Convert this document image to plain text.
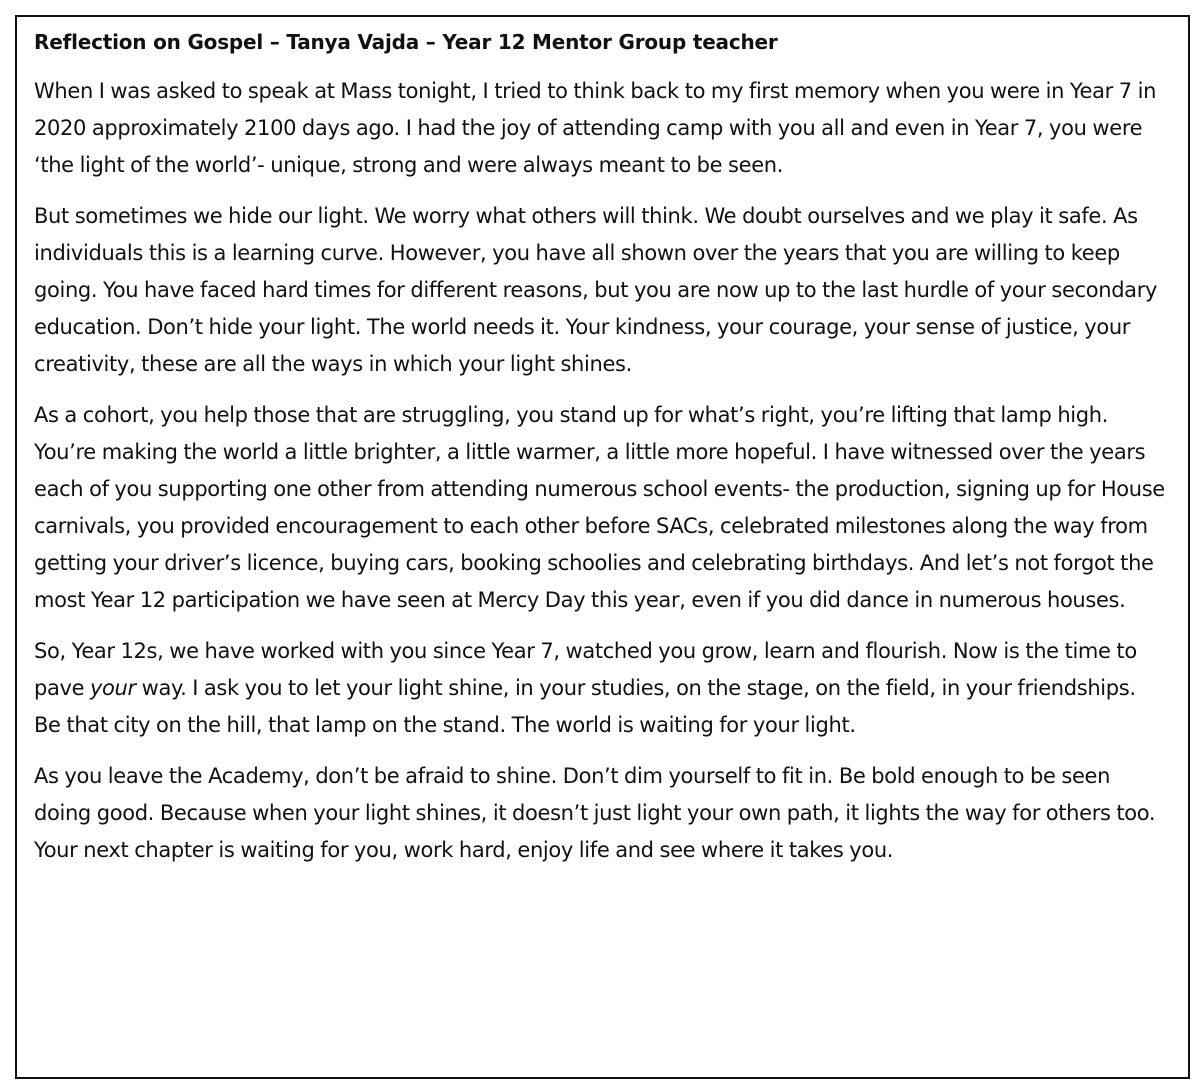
Reflection on Gospel – Tanya Vajda – Year 12 Mentor Group teacher

When I was asked to speak at Mass tonight, I tried to think back to my first memory when you were in Year 7 in 2020 approximately 2100 days ago. I had the joy of attending camp with you all and even in Year 7, you were ‘the light of the world’- unique, strong and were always meant to be seen.

But sometimes we hide our light. We worry what others will think. We doubt ourselves and we play it safe. As individuals this is a learning curve. However, you have all shown over the years that you are willing to keep going. You have faced hard times for different reasons, but you are now up to the last hurdle of your secondary education. Don’t hide your light. The world needs it. Your kindness, your courage, your sense of justice, your creativity, these are all the ways in which your light shines.

As a cohort, you help those that are struggling, you stand up for what’s right, you’re lifting that lamp high. You’re making the world a little brighter, a little warmer, a little more hopeful. I have witnessed over the years each of you supporting one other from attending numerous school events- the production, signing up for House carnivals, you provided encouragement to each other before SACs, celebrated milestones along the way from getting your driver’s licence, buying cars, booking schoolies and celebrating birthdays. And let’s not forgot the most Year 12 participation we have seen at Mercy Day this year, even if you did dance in numerous houses.

So, Year 12s, we have worked with you since Year 7, watched you grow, learn and flourish. Now is the time to pave your way. I ask you to let your light shine, in your studies, on the stage, on the field, in your friendships. Be that city on the hill, that lamp on the stand. The world is waiting for your light.

As you leave the Academy, don’t be afraid to shine. Don’t dim yourself to fit in. Be bold enough to be seen doing good. Because when your light shines, it doesn’t just light your own path, it lights the way for others too. Your next chapter is waiting for you, work hard, enjoy life and see where it takes you.
